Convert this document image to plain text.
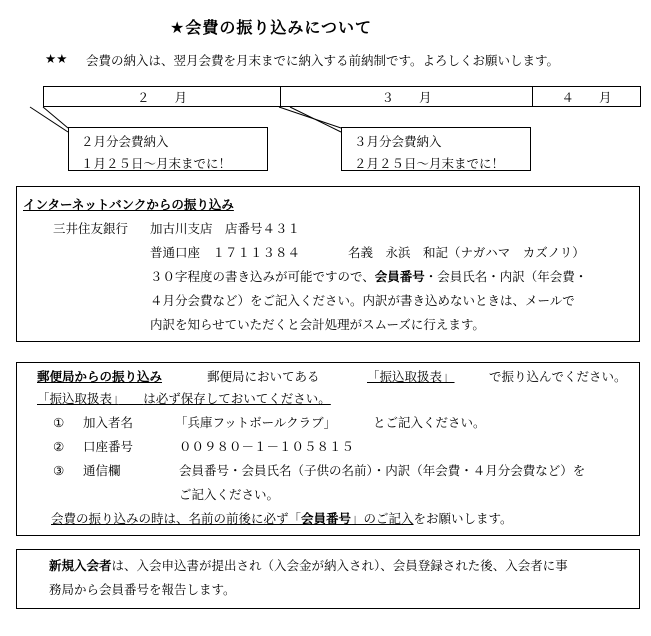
★会費の振り込みについて
★★ 会費の納入は、翌月会費を月末までに納入する前納制です。よろしくお願いします。
２　　月	３　　月	４　　月
２月分会費納入
１月２５日～月末までに！
３月分会費納入
２月２５日～月末までに！
インターネットバンクからの振り込み
三井住友銀行 加古川支店　店番号４３１
普通口座　１７１１３８４	名義　永浜　和記（ナガハマ　カズノリ）
３０字程度の書き込みが可能ですので、会員番号・会員氏名・内訳（年会費・
４月分会費など）をご記入ください。内訳が書き込めないときは、メールで
内訳を知らせていただくと会計処理がスムーズに行えます。
郵便局からの振り込み	郵便局においてある	「振込取扱表」	で振り込んでください。
「振込取扱表」　　 は必ず保存しておいてください。
① 加入者名	「兵庫フットボールクラブ」	とご記入ください。
② 口座番号	００９８０－１－１０５８１５
③ 通信欄	会員番号・会員氏名（子供の名前）・内訳（年会費・４月分会費など）を
ご記入ください。
会費の振り込みの時は、名前の前後に必ず「会員番号」のご記入をお願いします。
新規入会者は、入会申込書が提出され（入会金が納入され）、会員登録された後、入会者に事
務局から会員番号を報告します。
